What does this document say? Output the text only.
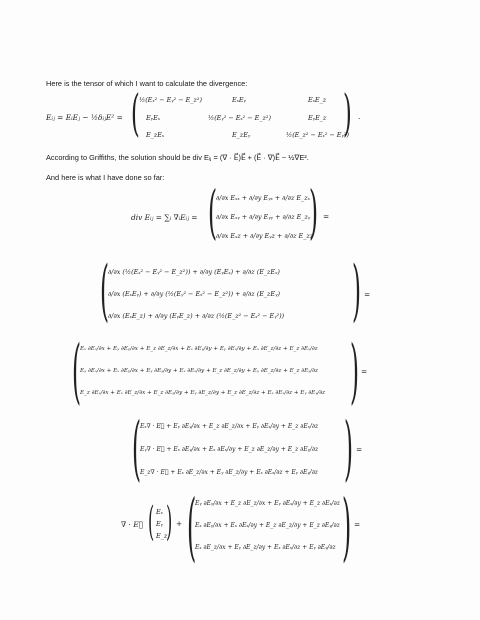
Here is the tensor of which I want to calculate the divergence:
Eᵢⱼ = EᵢEⱼ − ½δᵢⱼE² = ( ½(Eₓ² − Eᵧ² − E_z²)	EₓEᵧ	EₓE_z
EᵧEₓ	½(Eᵧ² − Eₓ² − E_z²)	EᵧE_z
E_zEₓ	E_zEᵧ	½(E_z² − Eₓ² − Eᵧ²)
) .
According to Griffiths, the solution should be div Eᵢⱼ = (∇ · E⃗)E⃗ + (E⃗ · ∇)E⃗ − ½∇E².
And here is what I have done so far:
div Eᵢⱼ = ∑ᵢ ∇ᵢEᵢⱼ = (
∂/∂x Eₓₓ + ∂/∂y Eᵧₓ + ∂/∂z E_zₓ
∂/∂x Eₓᵧ + ∂/∂y Eᵧᵧ + ∂/∂z E_zᵧ
∂/∂x Eₓz + ∂/∂y Eᵧz + ∂/∂z E_zz
) =
(
∂/∂x (½(Eₓ² − Eᵧ² − E_z²)) + ∂/∂y (EᵧEₓ) + ∂/∂z (E_zEₓ)
∂/∂x (EₓEᵧ) + ∂/∂y (½(Eᵧ² − Eₓ² − E_z²)) + ∂/∂z (E_zEᵧ)
∂/∂x (EₓE_z) + ∂/∂y (EᵧE_z) + ∂/∂z (½(E_z² − Eₓ² − Eᵧ²)) ) =
(
Eₓ ∂Eₓ/∂x + Eᵧ ∂Eᵧ/∂x + E_z ∂E_z/∂x + Eₓ ∂Eᵧ/∂y + Eᵧ ∂Eₓ/∂y + Eₓ ∂E_z/∂z + E_z ∂Eₓ/∂z
Eᵧ ∂Eₓ/∂x + Eₓ ∂Eᵧ/∂x + Eᵧ ∂Eᵧ/∂y + Eₓ ∂Eₓ/∂y + E_z ∂E_z/∂y + Eᵧ ∂E_z/∂z + E_z ∂Eᵧ/∂z
E_z ∂Eₓ/∂x + Eₓ ∂E_z/∂x + E_z ∂Eᵧ/∂y + Eᵧ ∂E_z/∂y + E_z ∂E_z/∂z + Eₓ ∂Eₓ/∂z + Eᵧ ∂Eᵧ/∂z ) =
(
Eₓ∇ · E⃗ + Eᵧ ∂Eᵧ/∂x + E_z ∂E_z/∂x + Eᵧ ∂Eₓ/∂y + E_z ∂Eₓ/∂z
Eᵧ∇ · E⃗ + Eₓ ∂Eᵧ/∂x + Eₓ ∂Eₓ/∂y + E_z ∂E_z/∂y + E_z ∂Eᵧ/∂z
E_z∇ · E⃗ + Eₓ ∂E_z/∂x + Eᵧ ∂E_z/∂y + Eₓ ∂Eₓ/∂z + Eᵧ ∂Eᵧ/∂z ) =
∇ · E⃗ ( Eₓ
Eᵧ
E_z
) + (
Eᵧ ∂Eᵧ/∂x + E_z ∂E_z/∂x + Eᵧ ∂Eₓ/∂y + E_z ∂Eₓ/∂z
Eₓ ∂Eᵧ/∂x + Eₓ ∂Eₓ/∂y + E_z ∂E_z/∂y + E_z ∂Eᵧ/∂z
Eₓ ∂E_z/∂x + Eᵧ ∂E_z/∂y + Eₓ ∂Eₓ/∂z + Eᵧ ∂Eᵧ/∂z ) =
